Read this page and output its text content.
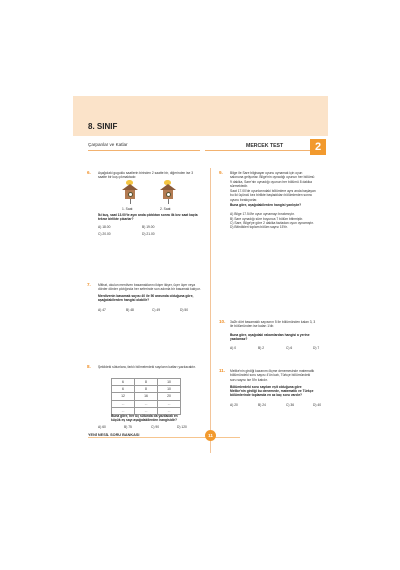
8. SINIF
Çarpanlar ve Katlar	MERCEK TEST	2
6. Aşağıdaki guguklu saatlerin birinden 2 saatte bir, diğerinden ise 3 saatte bir kuş çıkmaktadır.

İki kuş, saat 13.00'te aynı anda çıktıktan sonra ilk kez saat kaçta tekrar birlikte çıkarlar?

A) 18.00	B) 19.00
C) 20.00	D) 21.00
1. Saat	2. Saat
7. Mithat, okulun merdiven basamaklarını ikişer ikişer, üçer üçer veya dörder dörder çıktığında her seferinde son adımla bir basamak kalıyor.

Merdivenin basamak sayısı 40 ile 50 arasında olduğuna göre, aşağıdakilerden hangisi olabilir?

A) 47	B) 48	C) 49	D) 50
8. Şekildeki sütunlara, farklı bölmelerdeki sayıların katları yazılacaktır.

6	8	10
6	8	10
12	16	20
...	...	...
...	...	...

Buna göre, her üç sütunda da yazılacak en küçük eş sayı aşağıdakilerden hangisidir?

A) 60	B) 75	C) 90	D) 120
9. Bilge ile Sare bilgisayar oyunu oynamak için oyun salonuna geliyorlar. Bilge'nin oynadığı oyunun her bölümü 9 dakika, Sare'nin oynadığı oyunun her bölümü 8 dakika sürmektedir.

Saat 17.00'de oyunlarındaki bölümlere aynı anda başlayan bu iki üçüncü kez birlikte başladıkları bölümlerden sonra oyunu bırakıyorlar.

Buna göre, aşağıdakilerden hangisi yanlıştır?

A) Bilge 17.54'te oyun oynamayı bırakmıştır.

B) Sare oynadığı süre boyunca 7 bölüm bitirmiştir.

C) Sare, Bilge'ye göre 2 dakika fazladan oyun oynamıştır.

D) Bitirdikleri toplam bölüm sayısı 15'tir.

10. 3a2b dört basamaklı sayısının 5 ile bölümünden kalan 3, 3 ile bölümünden ise kalan 1'dir.

Buna göre, aşağıdaki rakamlardan hangisi a yerine yazılamaz?

A) 0	B) 2	C) 6	D) 7
11. Melike'nin girdiği kazanım ölçme denemesinde matematik bölümündeki soru sayısı 4'ün katı, Türkçe bölümündeki soru sayısı ise 5'in katıdır.

Bölümlerdeki soru sayıları eşit olduğuna göre Melike'nin girdiği bu denemede, matematik ve Türkçe bölümlerinde toplamda en az kaç soru vardır?

A) 20	B) 24	C) 36	D) 40
YENİ NESİL SORU BANKASI	11
